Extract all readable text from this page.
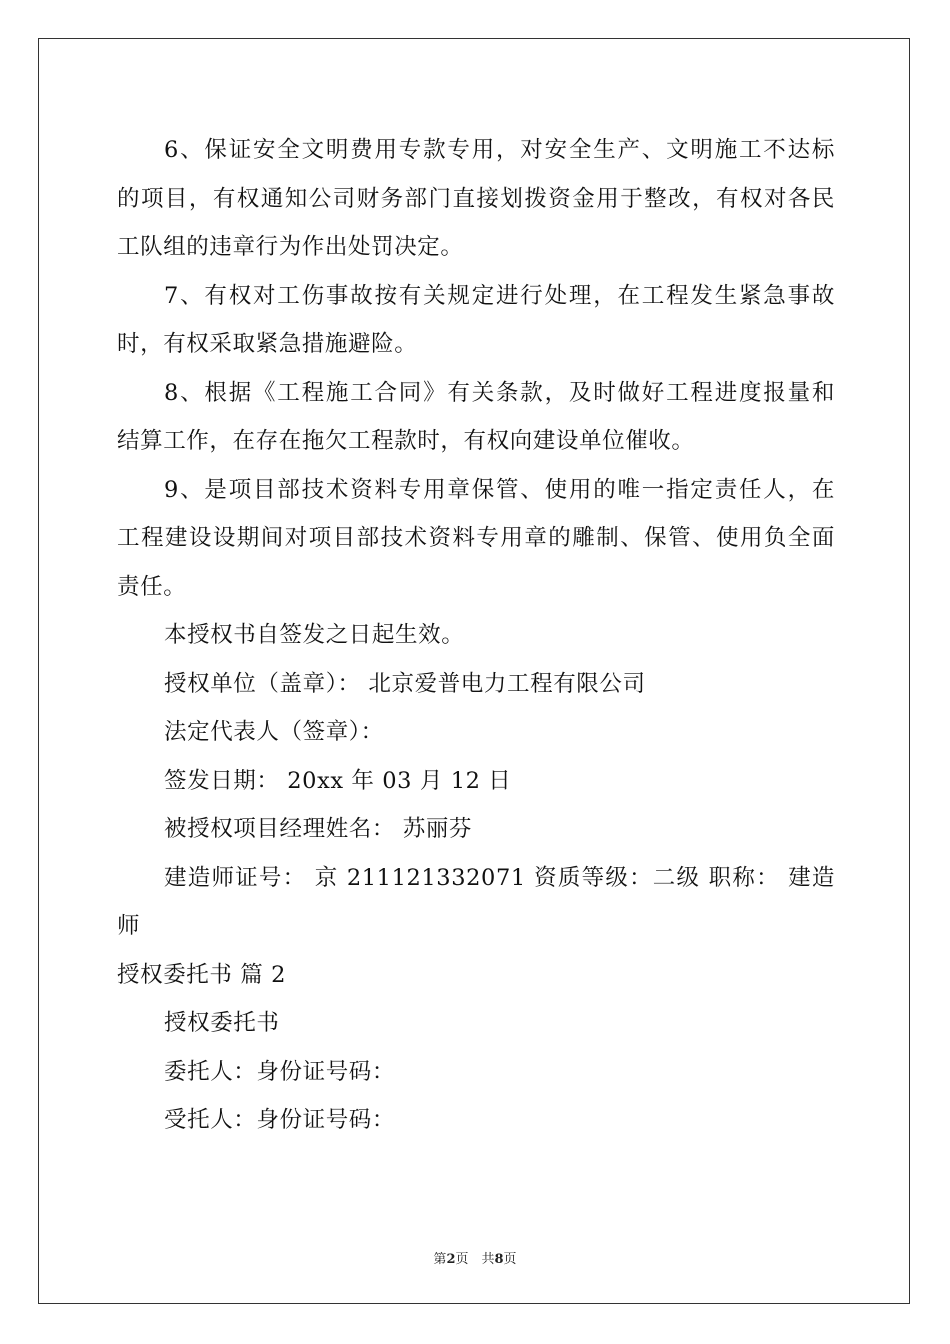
6、保证安全文明费用专款专用，对安全生产、文明施工不达标
的项目，有权通知公司财务部门直接划拨资金用于整改，有权对各民
工队组的违章行为作出处罚决定。
7、有权对工伤事故按有关规定进行处理，在工程发生紧急事故
时，有权采取紧急措施避险。
8、根据《工程施工合同》有关条款，及时做好工程进度报量和
结算工作，在存在拖欠工程款时，有权向建设单位催收。
9、是项目部技术资料专用章保管、使用的唯一指定责任人，在
工程建设设期间对项目部技术资料专用章的雕制、保管、使用负全面
责任。
本授权书自签发之日起生效。
授权单位（盖章）： 北京爱普电力工程有限公司
法定代表人（签章）：
签发日期： 20xx 年 03 月 12 日
被授权项目经理姓名： 苏丽芬
建造师证号： 京 211121332071 资质等级：二级 职称： 建造
师
授权委托书 篇 2
授权委托书
委托人：身份证号码：
受托人：身份证号码：
第2页　共8页
